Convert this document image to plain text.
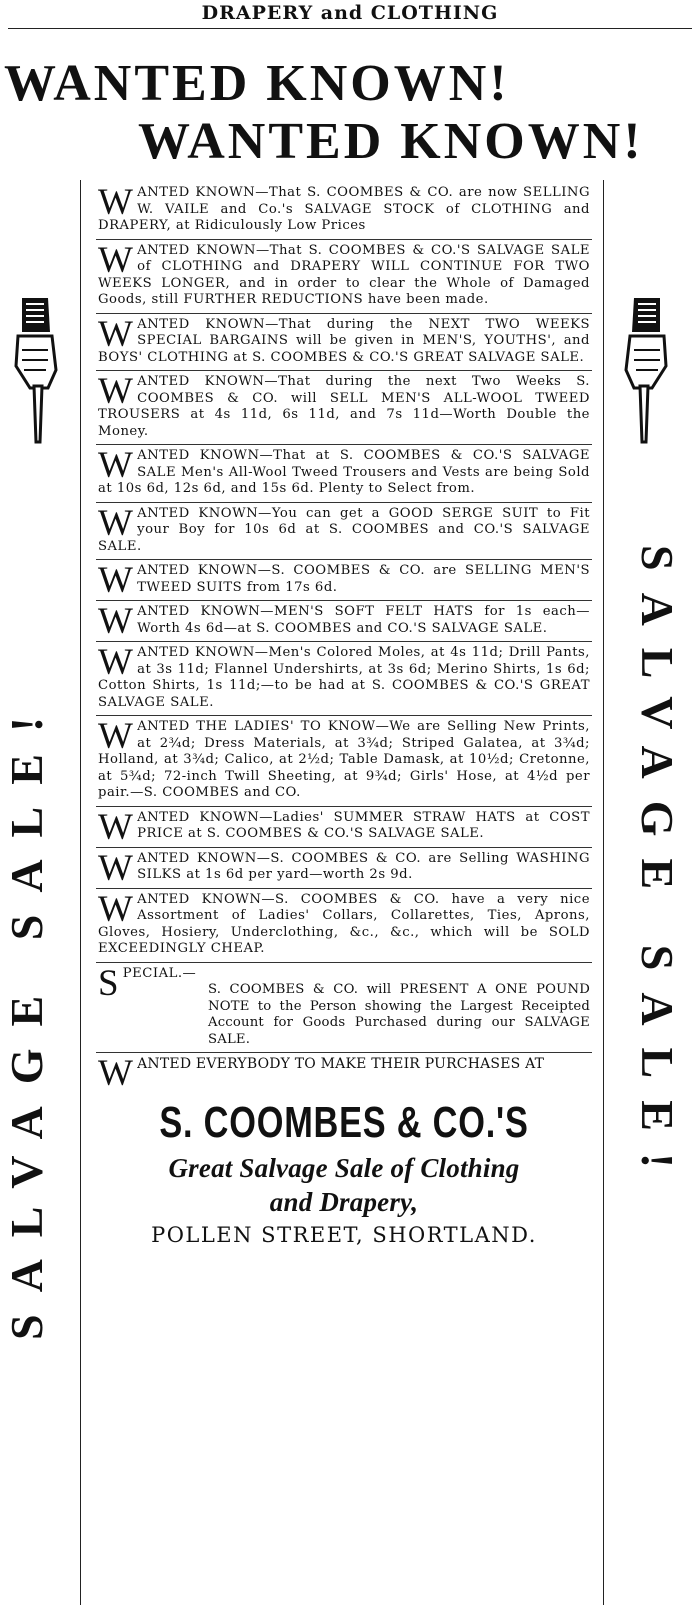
DRAPERY and CLOTHING
WANTED KNOWN!
WANTED KNOWN!
SALVAGE SALE!	SALVAGE SALE!
WANTED KNOWN—That S. COOMBES & CO. are now SELLING W. VAILE and Co.'s SALVAGE STOCK of CLOTHING and DRAPERY, at Ridiculously Low Prices
WANTED KNOWN—That S. COOMBES & CO.'S SALVAGE SALE of CLOTHING and DRAPERY WILL CONTINUE FOR TWO WEEKS LONGER, and in order to clear the Whole of Damaged Goods, still FURTHER REDUCTIONS have been made.
WANTED KNOWN—That during the NEXT TWO WEEKS SPECIAL BARGAINS will be given in MEN'S, YOUTHS', and BOYS' CLOTHING at S. COOMBES & CO.'S GREAT SALVAGE SALE.
WANTED KNOWN—That during the next Two Weeks S. COOMBES & CO. will SELL MEN'S ALL-WOOL TWEED TROUSERS at 4s 11d, 6s 11d, and 7s 11d—Worth Double the Money.
WANTED KNOWN—That at S. COOMBES & CO.'S SALVAGE SALE Men's All-Wool Tweed Trousers and Vests are being Sold at 10s 6d, 12s 6d, and 15s 6d. Plenty to Select from.
WANTED KNOWN—You can get a GOOD SERGE SUIT to Fit your Boy for 10s 6d at S. COOMBES and CO.'S SALVAGE SALE.
WANTED KNOWN—S. COOMBES & CO. are SELLING MEN'S TWEED SUITS from 17s 6d.
WANTED KNOWN—MEN'S SOFT FELT HATS for 1s each—Worth 4s 6d—at S. COOMBES and CO.'S SALVAGE SALE.
WANTED KNOWN—Men's Colored Moles, at 4s 11d; Drill Pants, at 3s 11d; Flannel Undershirts, at 3s 6d; Merino Shirts, 1s 6d; Cotton Shirts, 1s 11d;—to be had at S. COOMBES & CO.'S GREAT SALVAGE SALE.
WANTED THE LADIES' TO KNOW—We are Selling New Prints, at 2¾d; Dress Materials, at 3¾d; Striped Galatea, at 3¾d; Holland, at 3¾d; Calico, at 2½d; Table Damask, at 10½d; Cretonne, at 5¾d; 72-inch Twill Sheeting, at 9¾d; Girls' Hose, at 4½d per pair.—S. COOMBES and CO.
WANTED KNOWN—Ladies' SUMMER STRAW HATS at COST PRICE at S. COOMBES & CO.'S SALVAGE SALE.
WANTED KNOWN—S. COOMBES & CO. are Selling WASHING SILKS at 1s 6d per yard—worth 2s 9d.
WANTED KNOWN—S. COOMBES & CO. have a very nice Assortment of Ladies' Collars, Collarettes, Ties, Aprons, Gloves, Hosiery, Underclothing, &c., &c., which will be SOLD EXCEEDINGLY CHEAP.
S PECIAL.—
S. COOMBES & CO. will PRESENT A ONE POUND NOTE to the Person showing the Largest Receipted Account for Goods Purchased during our SALVAGE SALE.
W ANTED EVERYBODY TO MAKE THEIR PURCHASES AT
S. COOMBES & CO.'S
Great Salvage Sale of Clothing
and Drapery,
POLLEN STREET, SHORTLAND.
